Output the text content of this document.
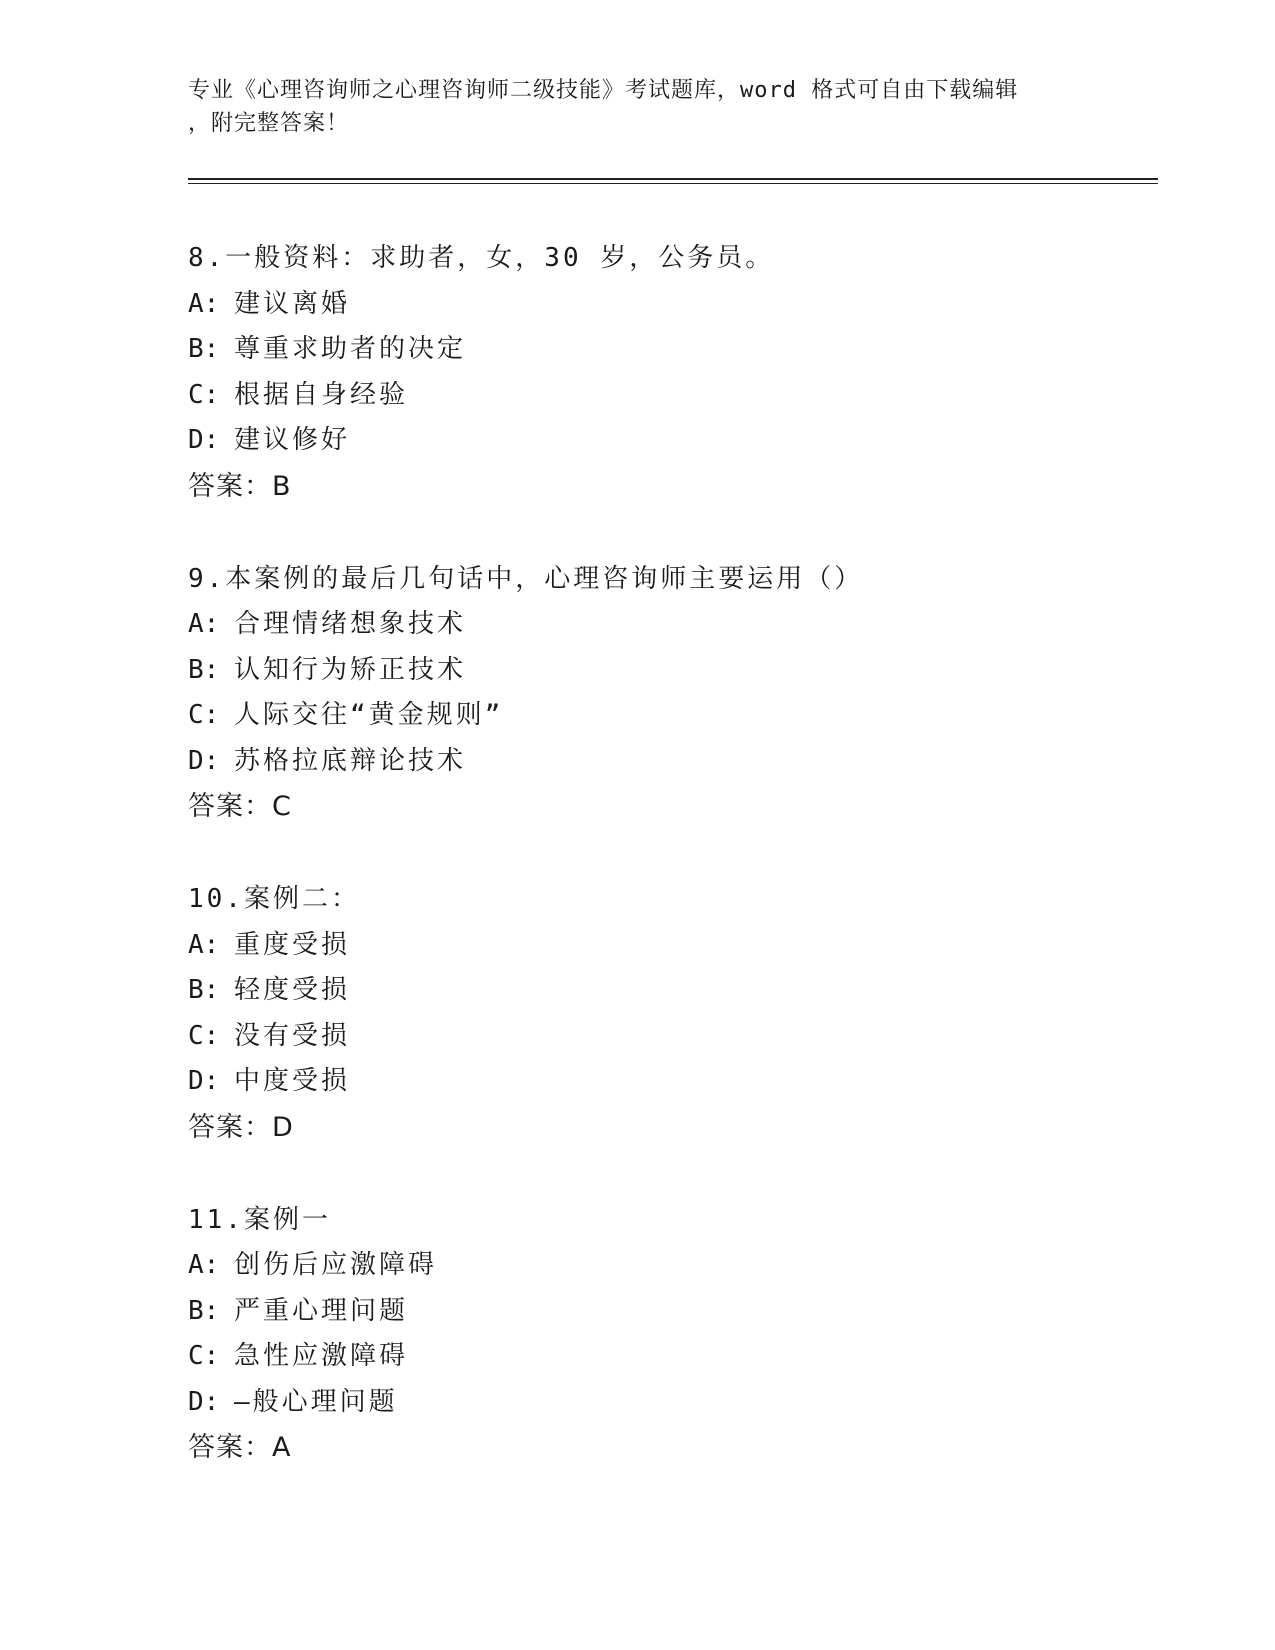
专业《心理咨询师之心理咨询师二级技能》考试题库，word 格式可自由下载编辑
，附完整答案！
8.一般资料：求助者，女，30 岁，公务员。
A: 建议离婚
B: 尊重求助者的决定
C: 根据自身经验
D: 建议修好
答案：B
9.本案例的最后几句话中，心理咨询师主要运用（）
A: 合理情绪想象技术
B: 认知行为矫正技术
C: 人际交往“黄金规则”
D: 苏格拉底辩论技术
答案：C
10.案例二：
A: 重度受损
B: 轻度受损
C: 没有受损
D: 中度受损
答案：D
11.案例一
A: 创伤后应激障碍
B: 严重心理问题
C: 急性应激障碍
D: —般心理问题
答案：A
